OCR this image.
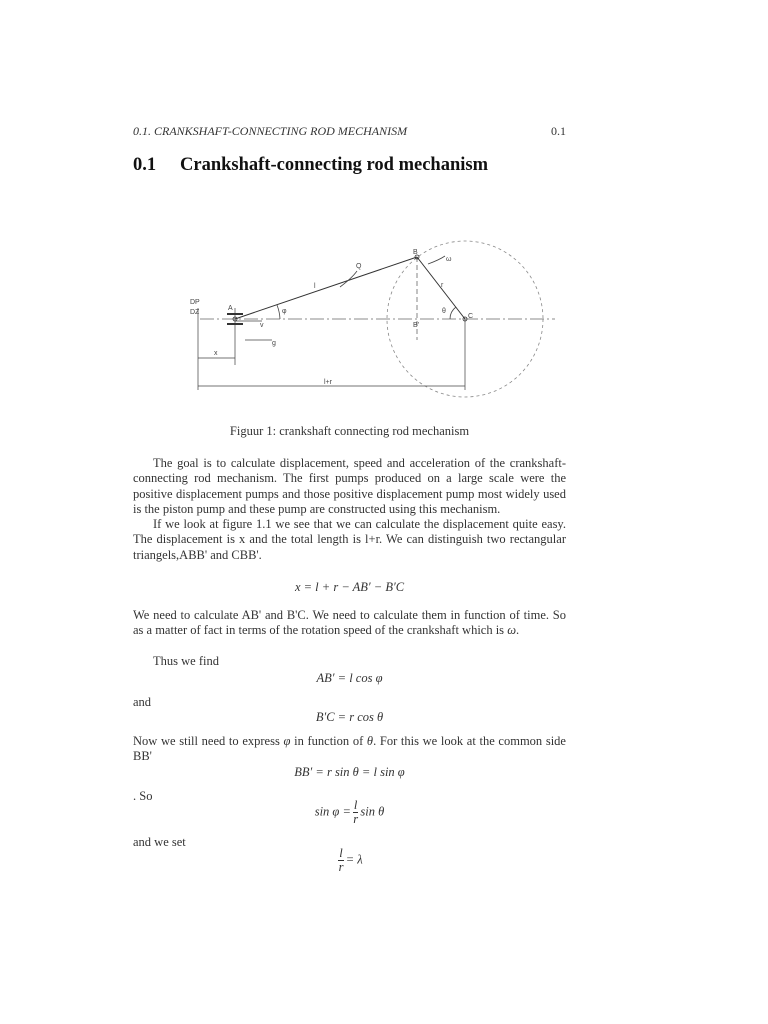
0.1. CRANKSHAFT-CONNECTING ROD MECHANISM	0.1
0.1 Crankshaft-connecting rod mechanism
DP
DZ
A
B
B'
C
l	r
Q
ω
θ
φ
v
g
x
l+r
Figuur 1: crankshaft connecting rod mechanism

The goal is to calculate displacement, speed and acceleration of the crankshaft-connecting rod mechanism. The first pumps produced on a large scale were the positive displacement pumps and those positive displacement pump most widely used is the piston pump and these pump are constructed using this mechanism.

If we look at figure 1.1 we see that we can calculate the displacement quite easy. The displacement is x and the total length is l+r. We can distinguish two rectangular triangels,ABB' and CBB'.

x = l + r − AB′ − B′C

We need to calculate AB' and B'C. We need to calculate them in function of time. So as a matter of fact in terms of the rotation speed of the crankshaft which is ω.

Thus we find

AB′ = l cos φ

and

B′C = r cos θ

Now we still need to express φ in function of θ. For this we look at the common side BB'

BB′ = r sin θ = l sin φ

. So

$\sin \varphi = \frac{l}{r}$ sin θ

and we set

$\frac{l}{r} = \lambda$
